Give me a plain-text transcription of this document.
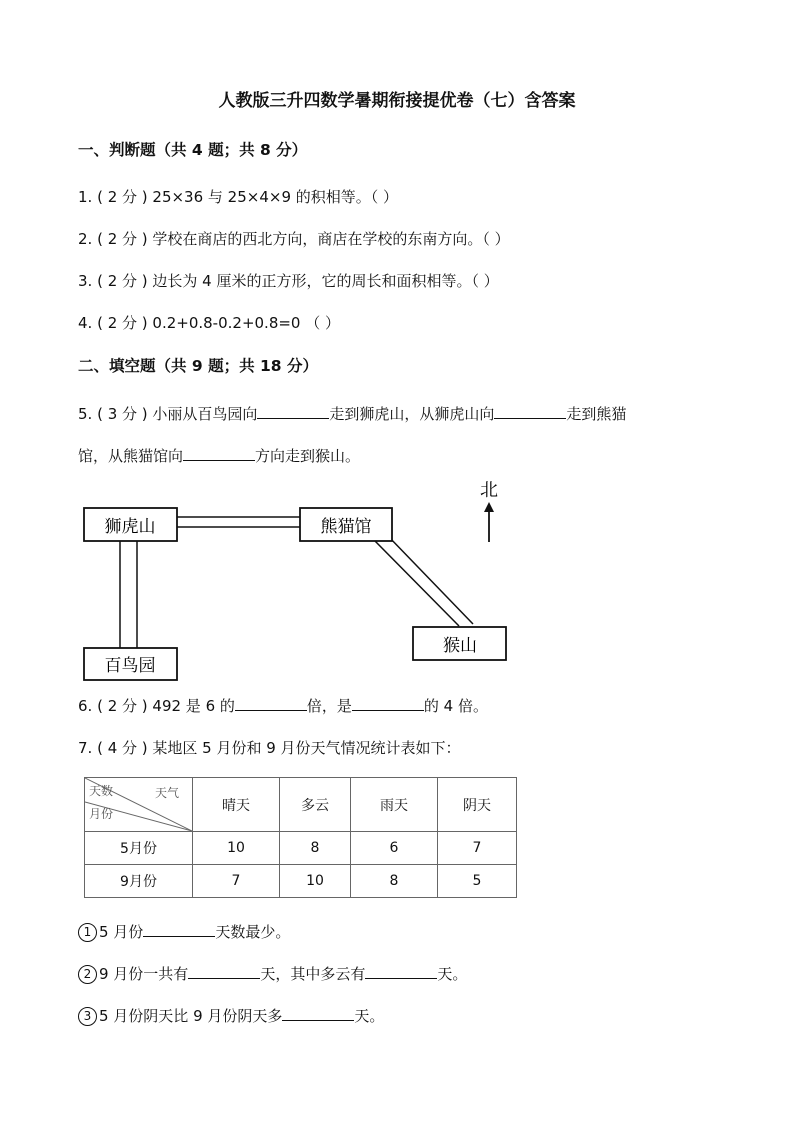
人教版三升四数学暑期衔接提优卷（七）含答案
一、判断题（共 4 题；共 8 分）
1. ( 2 分 ) 25×36 与 25×4×9 的积相等。（ ）
2. ( 2 分 ) 学校在商店的西北方向，商店在学校的东南方向。（ ）
3. ( 2 分 ) 边长为 4 厘米的正方形，它的周长和面积相等。（ ）
4. ( 2 分 ) 0.2+0.8-0.2+0.8=0 （ ）
二、填空题（共 9 题；共 18 分）
5. ( 3 分 ) 小丽从百鸟园向	走到狮虎山，从狮虎山向	走到熊猫
馆，从熊猫馆向	方向走到猴山。
狮虎山	熊猫馆
猴山
百鸟园
北
6. ( 2 分 ) 492 是 6 的	倍，是	的 4 倍。
7. ( 4 分 ) 某地区 5 月份和 9 月份天气情况统计表如下：
天数 天气
月份	晴天	多云	雨天	阴天
5月份	10	8	6	7
9月份	7	10	8	5
1 5 月份	天数最少。
2 9 月份一共有	天，其中多云有	天。
3 5 月份阴天比 9 月份阴天多	天。
